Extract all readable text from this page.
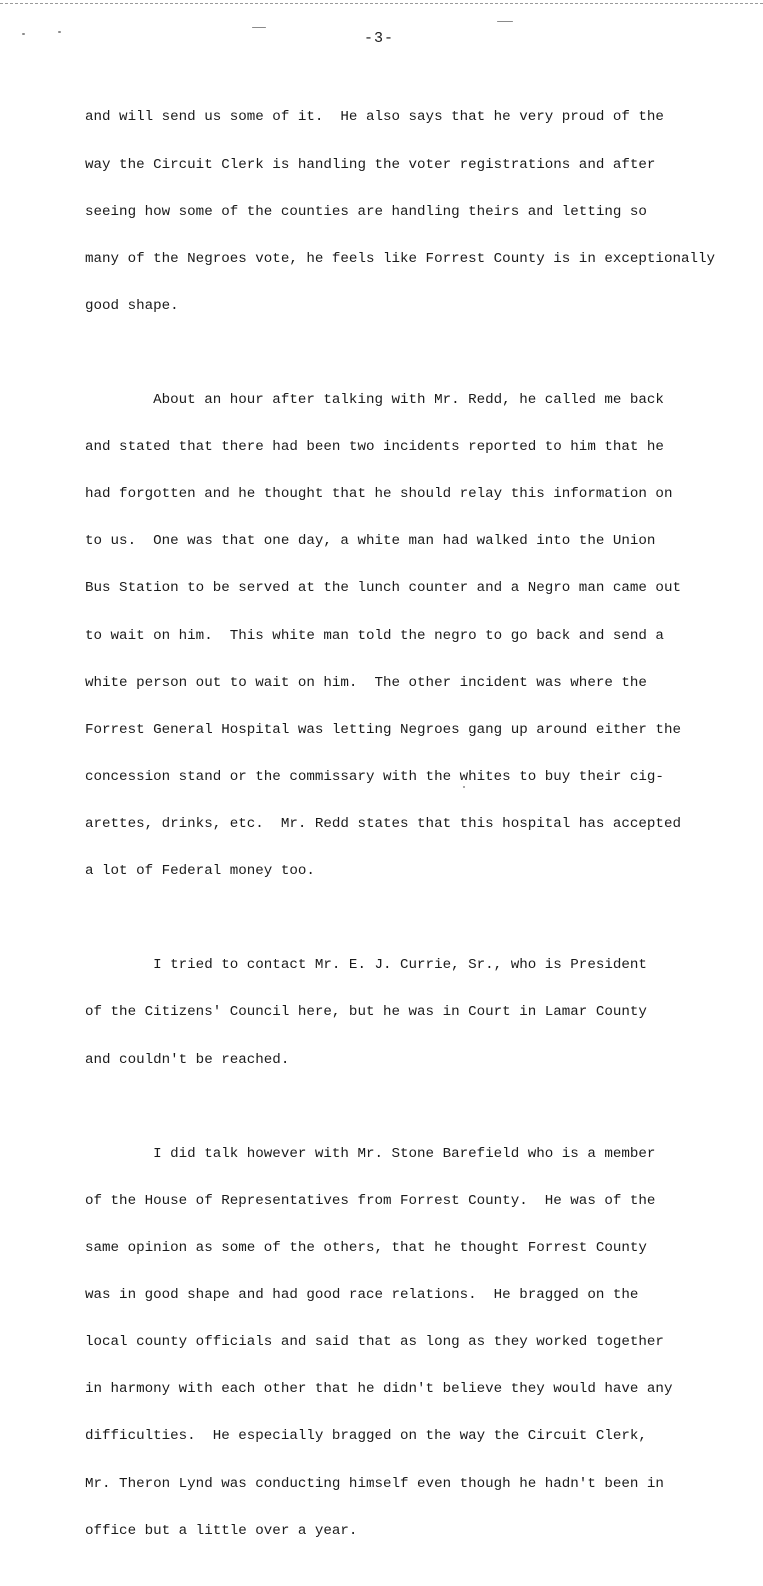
-3-

and will send us some of it.  He also says that he very proud of the

way the Circuit Clerk is handling the voter registrations and after

seeing how some of the counties are handling theirs and letting so

many of the Negroes vote, he feels like Forrest County is in exceptionally

good shape.

About an hour after talking with Mr. Redd, he called me back

and stated that there had been two incidents reported to him that he

had forgotten and he thought that he should relay this information on

to us.  One was that one day, a white man had walked into the Union

Bus Station to be served at the lunch counter and a Negro man came out

to wait on him.  This white man told the negro to go back and send a

white person out to wait on him.  The other incident was where the

Forrest General Hospital was letting Negroes gang up around either the

concession stand or the commissary with the whites to buy their cig-

arettes, drinks, etc.  Mr. Redd states that this hospital has accepted

a lot of Federal money too.

I tried to contact Mr. E. J. Currie, Sr., who is President

of the Citizens' Council here, but he was in Court in Lamar County

and couldn't be reached.

I did talk however with Mr. Stone Barefield who is a member

of the House of Representatives from Forrest County.  He was of the

same opinion as some of the others, that he thought Forrest County

was in good shape and had good race relations.  He bragged on the

local county officials and said that as long as they worked together

in harmony with each other that he didn't believe they would have any

difficulties.  He especially bragged on the way the Circuit Clerk,

Mr. Theron Lynd was conducting himself even though he hadn't been in

office but a little over a year.
